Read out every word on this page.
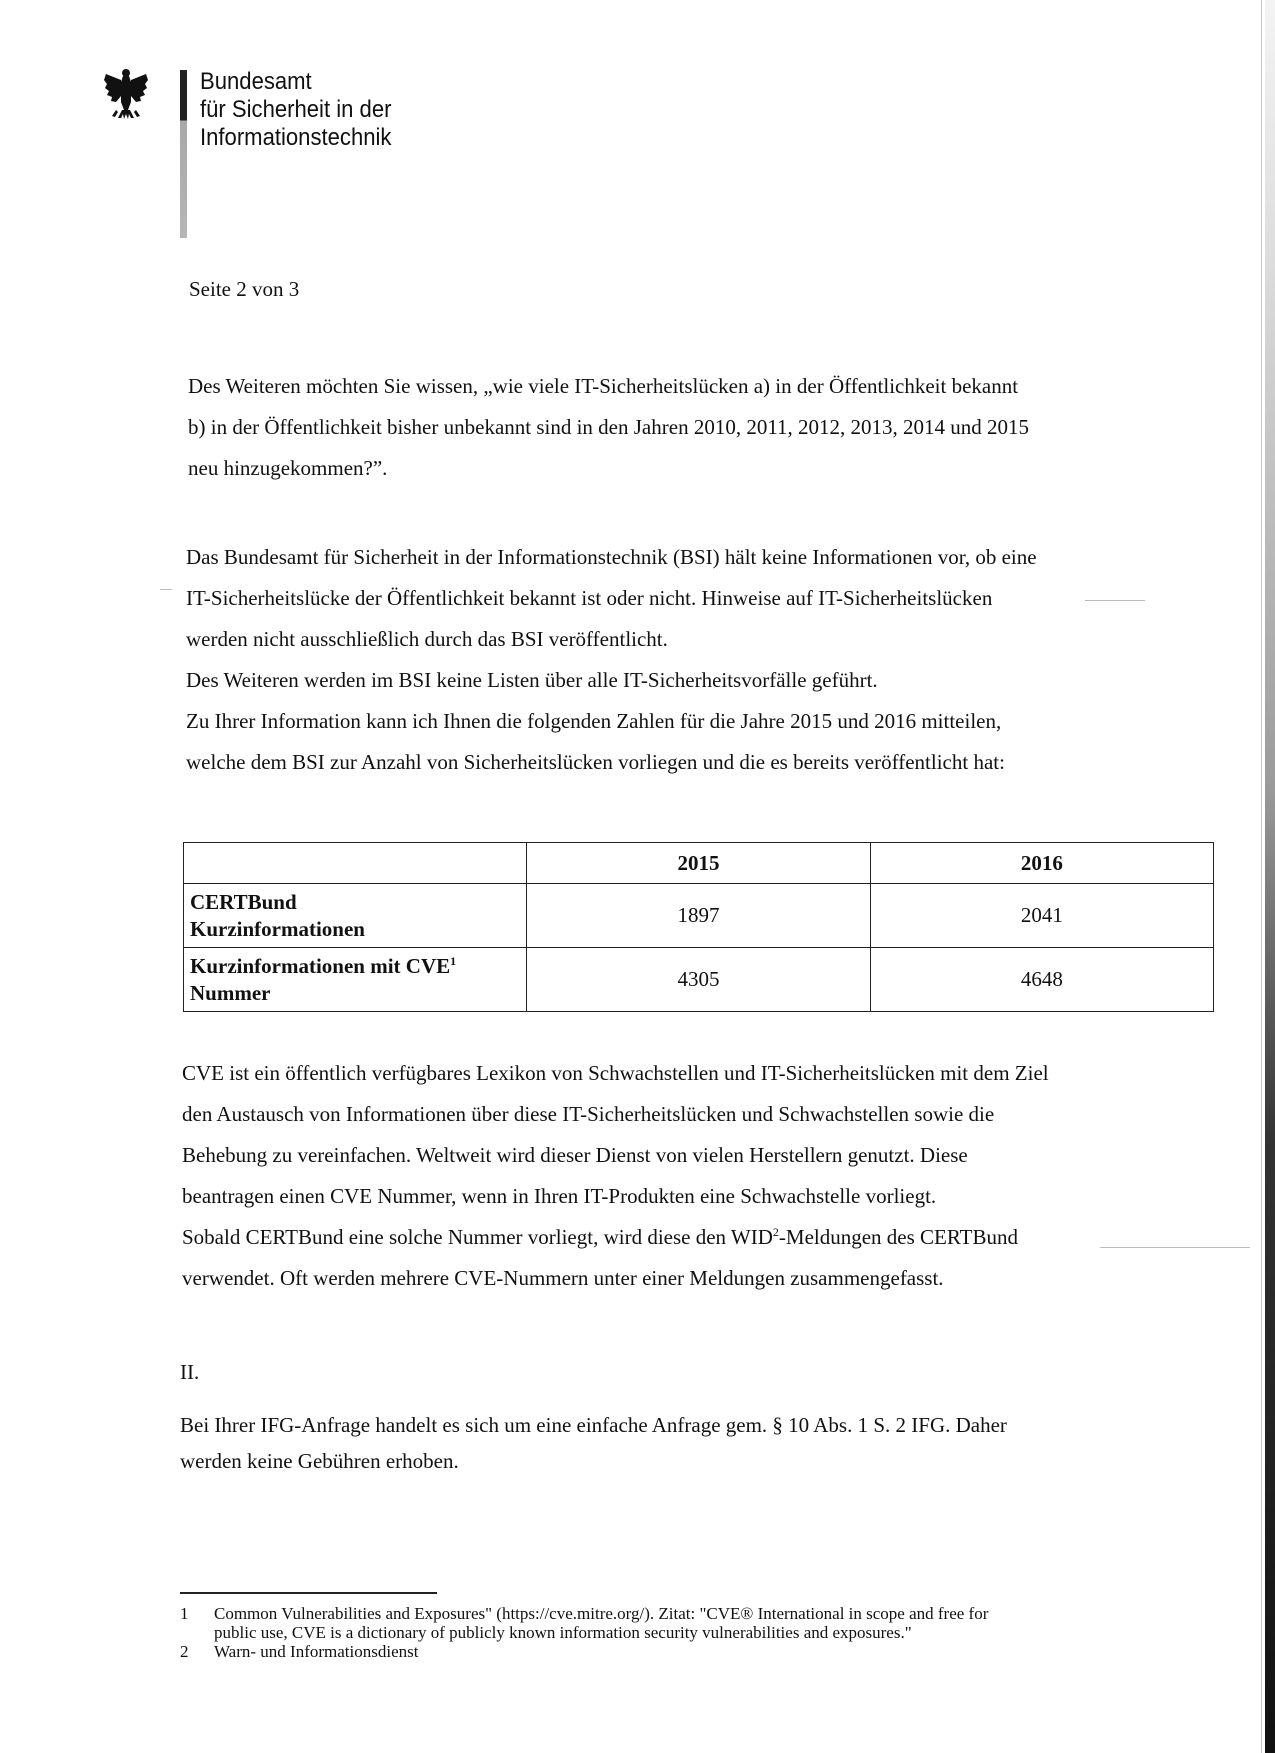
Bundesamt
für Sicherheit in der
Informationstechnik
Seite 2 von 3

Des Weiteren möchten Sie wissen, „wie viele IT-Sicherheitslücken a) in der Öffentlichkeit bekannt
b) in der Öffentlichkeit bisher unbekannt sind in den Jahren 2010, 2011, 2012, 2013, 2014 und 2015
neu hinzugekommen?”.

Das Bundesamt für Sicherheit in der Informationstechnik (BSI) hält keine Informationen vor, ob eine
IT-Sicherheitslücke der Öffentlichkeit bekannt ist oder nicht. Hinweise auf IT-Sicherheitslücken
werden nicht ausschließlich durch das BSI veröffentlicht.
Des Weiteren werden im BSI keine Listen über alle IT-Sicherheitsvorfälle geführt.
Zu Ihrer Information kann ich Ihnen die folgenden Zahlen für die Jahre 2015 und 2016 mitteilen,
welche dem BSI zur Anzahl von Sicherheitslücken vorliegen und die es bereits veröffentlicht hat:

	2015	2016
CERTBund
Kurzinformationen	1897	2041
Kurzinformationen mit CVE$^1$
Nummer	4305	4648

CVE ist ein öffentlich verfügbares Lexikon von Schwachstellen und IT-Sicherheitslücken mit dem Ziel
den Austausch von Informationen über diese IT-Sicherheitslücken und Schwachstellen sowie die
Behebung zu vereinfachen. Weltweit wird dieser Dienst von vielen Herstellern genutzt. Diese
beantragen einen CVE Nummer, wenn in Ihren IT-Produkten eine Schwachstelle vorliegt.
Sobald CERTBund eine solche Nummer vorliegt, wird diese den WID$^2$-Meldungen des CERTBund
verwendet. Oft werden mehrere CVE-Nummern unter einer Meldungen zusammengefasst.

II.
Bei Ihrer IFG-Anfrage handelt es sich um eine einfache Anfrage gem. § 10 Abs. 1 S. 2 IFG. Daher
werden keine Gebühren erhoben.

1 Common Vulnerabilities and Exposures" (https://cve.mitre.org/). Zitat: "CVE® International in scope and free for
public use, CVE is a dictionary of publicly known information security vulnerabilities and exposures."
2 Warn- und Informationsdienst
